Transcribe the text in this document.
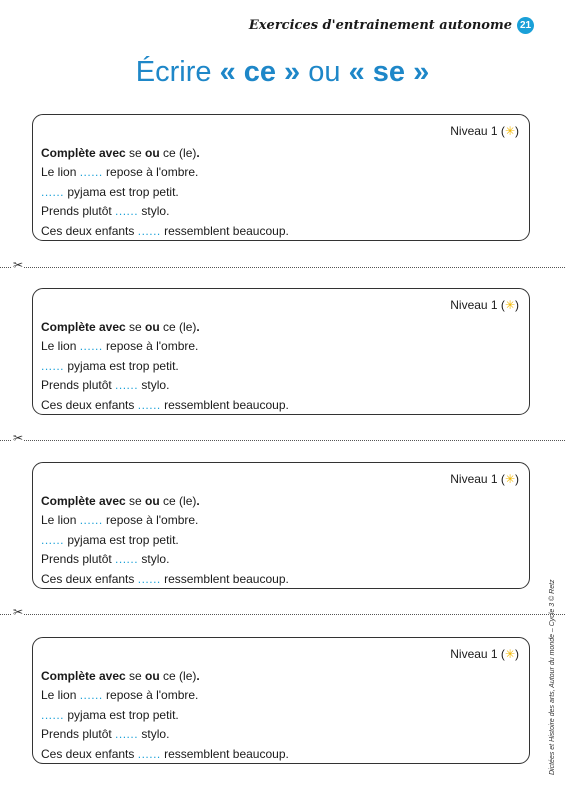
Exercices d'entrainement autonome 21
Écrire « ce » ou « se »
Niveau 1 (✳)
Complète avec se ou ce (le).
Le lion ...... repose à l'ombre.
...... pyjama est trop petit.
Prends plutôt ...... stylo.
Ces deux enfants ...... ressemblent beaucoup.
Niveau 1 (✳)
Complète avec se ou ce (le).
Le lion ...... repose à l'ombre.
...... pyjama est trop petit.
Prends plutôt ...... stylo.
Ces deux enfants ...... ressemblent beaucoup.
Niveau 1 (✳)
Complète avec se ou ce (le).
Le lion ...... repose à l'ombre.
...... pyjama est trop petit.
Prends plutôt ...... stylo.
Ces deux enfants ...... ressemblent beaucoup.
Niveau 1 (✳)
Complète avec se ou ce (le).
Le lion ...... repose à l'ombre.
...... pyjama est trop petit.
Prends plutôt ...... stylo.
Ces deux enfants ...... ressemblent beaucoup.
✂
✂
✂	Dictées et Histoire des arts, Autour du monde – Cycle 3 © Retz
